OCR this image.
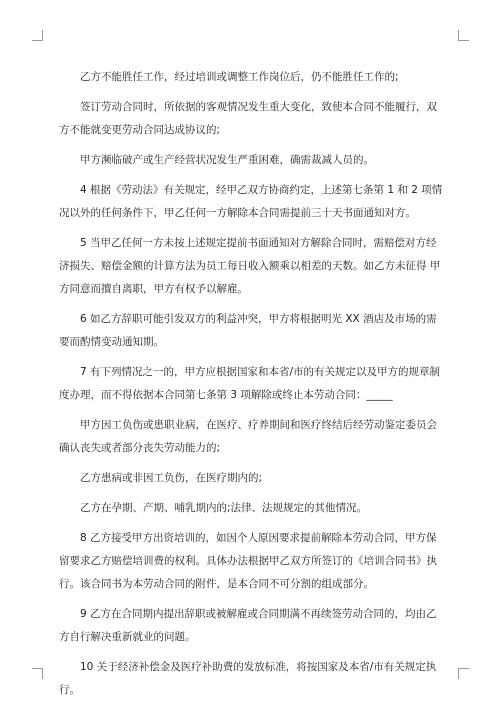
乙方不能胜任工作，经过培训或调整工作岗位后，仍不能胜任工作的;

签订劳动合同时，所依据的客观情况发生重大变化，致使本合同不能履行，双方不能就变更劳动合同达成协议的;

甲方濒临破产或生产经营状况发生严重困难，确需裁减人员的。

4 根据《劳动法》有关规定，经甲乙双方协商约定，上述第七条第 1 和 2 项情况以外的任何条件下，甲乙任何一方解除本合同需提前三十天书面通知对方。

5 当甲乙任何一方未按上述规定提前书面通知对方解除合同时，需赔偿对方经济损失、赔偿金额的计算方法为员工每日收入额乘以相差的天数。如乙方未征得 甲方同意而擅自离职，甲方有权予以解雇。

6 如乙方辞职可能引发双方的利益冲突，甲方将根据明光 XX 酒店及市场的需要而酌情变动通知期。

7 有下列情况之一的，甲方应根据国家和本省/市的有关规定以及甲方的规章制 度办理，而不得依据本合同第七条第 3 项解除或终止本劳动合同：_____

甲方因工负伤或患职业病，在医疗、疗养期间和医疗终结后经劳动鉴定委员会确认丧失或者部分丧失劳动能力的;

乙方患病或非因工负伤，在医疗期内的;

乙方在孕期、产期、哺乳期内的;法律、法规规定的其他情况。

8 乙方接受甲方出资培训的，如因个人原因要求提前解除本劳动合同，甲方保留要求乙方赔偿培训费的权利。具体办法根据甲乙双方所签订的《培训合同书》执行。该合同书为本劳动合同的附件，是本合同不可分割的组成部分。

9 乙方在合同期内提出辞职或被解雇或合同期满不再续签劳动合同的，均由乙方自行解决重新就业的问题。

10 关于经济补偿金及医疗补助费的发放标准，将按国家及本省/市有关规定执行。
